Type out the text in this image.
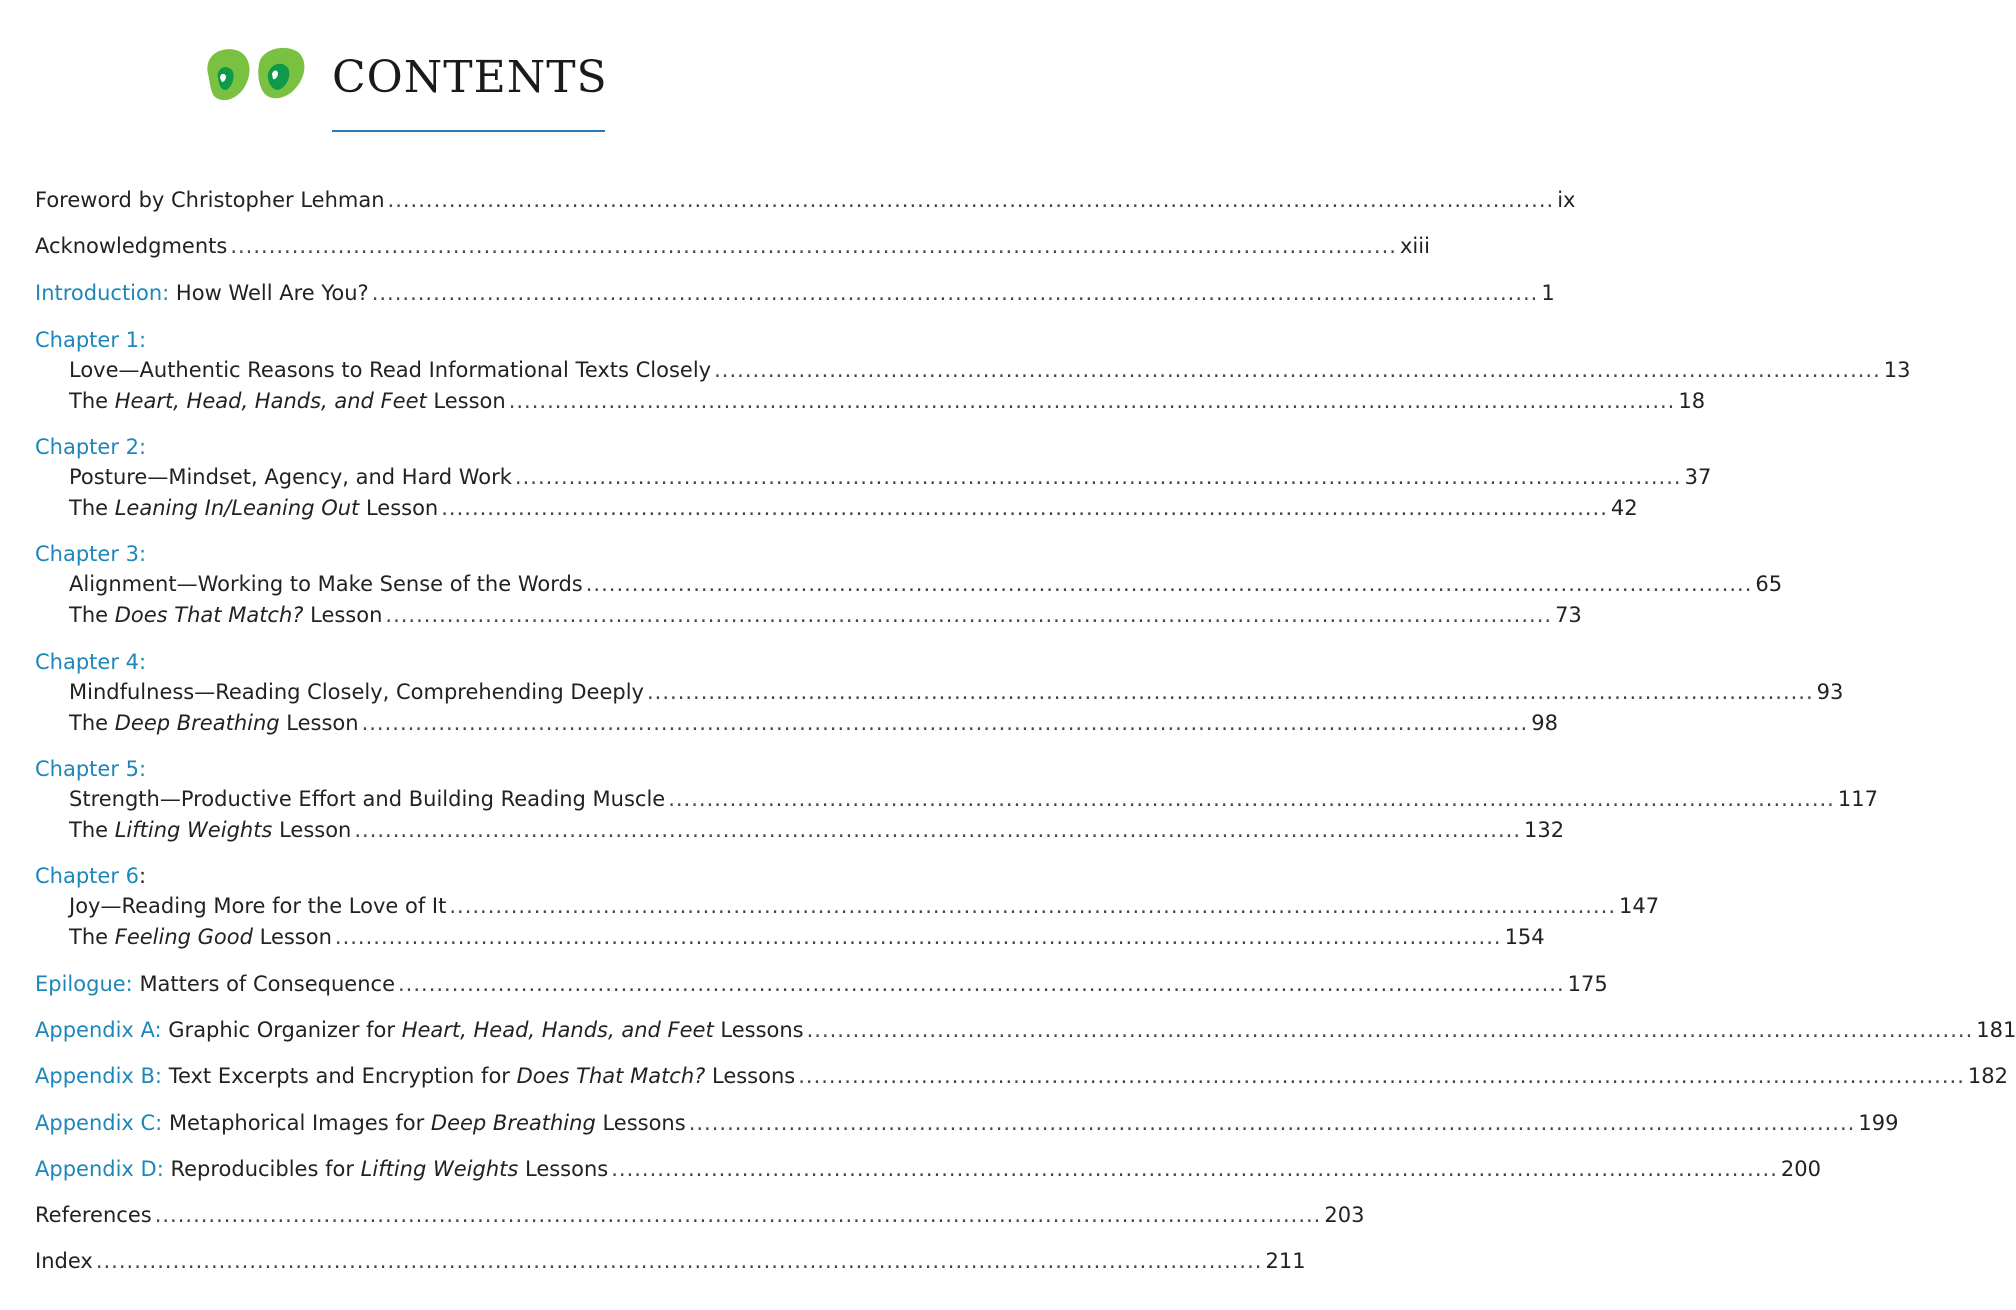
CONTENTS
Foreword by Christopher Lehman ........................................................................................................................................................ ix
Acknowledgments ........................................................................................................................................................ xiii
Introduction: How Well Are You? ........................................................................................................................................................ 1
Chapter 1:
Love—Authentic Reasons to Read Informational Texts Closely ........................................................................................................................................................ 13
The Heart, Head, Hands, and Feet Lesson ........................................................................................................................................................ 18
Chapter 2:
Posture—Mindset, Agency, and Hard Work ........................................................................................................................................................ 37
The Leaning In/Leaning Out Lesson ........................................................................................................................................................ 42
Chapter 3:
Alignment—Working to Make Sense of the Words ........................................................................................................................................................ 65
The Does That Match? Lesson ........................................................................................................................................................ 73
Chapter 4:
Mindfulness—Reading Closely, Comprehending Deeply ........................................................................................................................................................ 93
The Deep Breathing Lesson ........................................................................................................................................................ 98
Chapter 5:
Strength—Productive Effort and Building Reading Muscle ........................................................................................................................................................ 117
The Lifting Weights Lesson ........................................................................................................................................................ 132
Chapter 6 :
Joy—Reading More for the Love of It ........................................................................................................................................................ 147
The Feeling Good Lesson ........................................................................................................................................................ 154
Epilogue: Matters of Consequence ........................................................................................................................................................ 175
Appendix A: Graphic Organizer for Heart, Head, Hands, and Feet Lessons ........................................................................................................................................................ 181
Appendix B: Text Excerpts and Encryption for Does That Match? Lessons ........................................................................................................................................................ 182
Appendix C: Metaphorical Images for Deep Breathing Lessons ........................................................................................................................................................ 199
Appendix D: Reproducibles for Lifting Weights Lessons ........................................................................................................................................................ 200
References ........................................................................................................................................................ 203
Index ........................................................................................................................................................ 211
